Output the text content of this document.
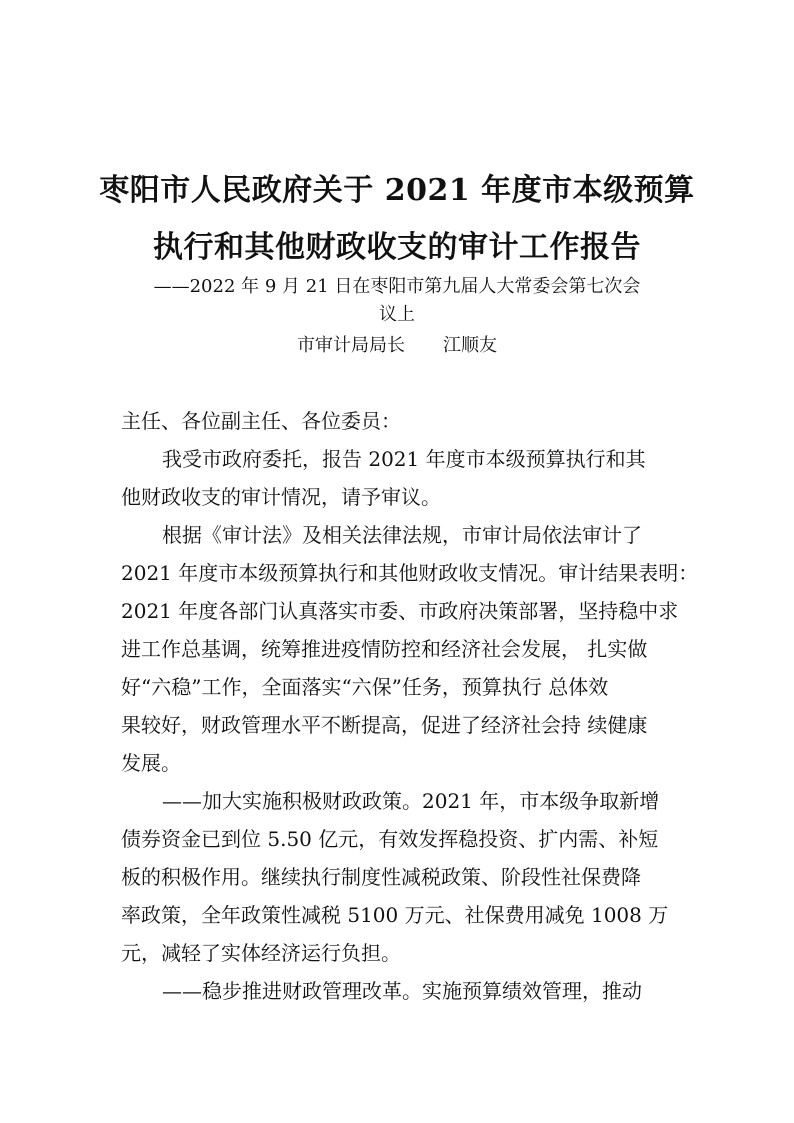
枣阳市人民政府关于 2021 年度市本级预算
执行和其他财政收支的审计工作报告
——2022 年 9 月 21 日在枣阳市第九届人大常委会第七次会
议上
市审计局局长 江顺友
主任、各位副主任、各位委员：
我受市政府委托，报告 2021 年度市本级预算执行和其
他财政收支的审计情况，请予审议。
根据《审计法》及相关法律法规，市审计局依法审计了
2021 年度市本级预算执行和其他财政收支情况。审计结果表明：
2021 年度各部门认真落实市委、市政府决策部署，坚持稳中求
进工作总基调，统筹推进疫情防控和经济社会发展， 扎实做
好“六稳”工作，全面落实“六保”任务，预算执行 总体效
果较好，财政管理水平不断提高，促进了经济社会持 续健康
发展。
——加大实施积极财政政策。2021 年，市本级争取新增
债券资金已到位 5.50 亿元，有效发挥稳投资、扩内需、补短
板的积极作用。继续执行制度性减税政策、阶段性社保费降
率政策，全年政策性减税 5100 万元、社保费用减免 1008 万
元，减轻了实体经济运行负担。
——稳步推进财政管理改革。实施预算绩效管理，推动
